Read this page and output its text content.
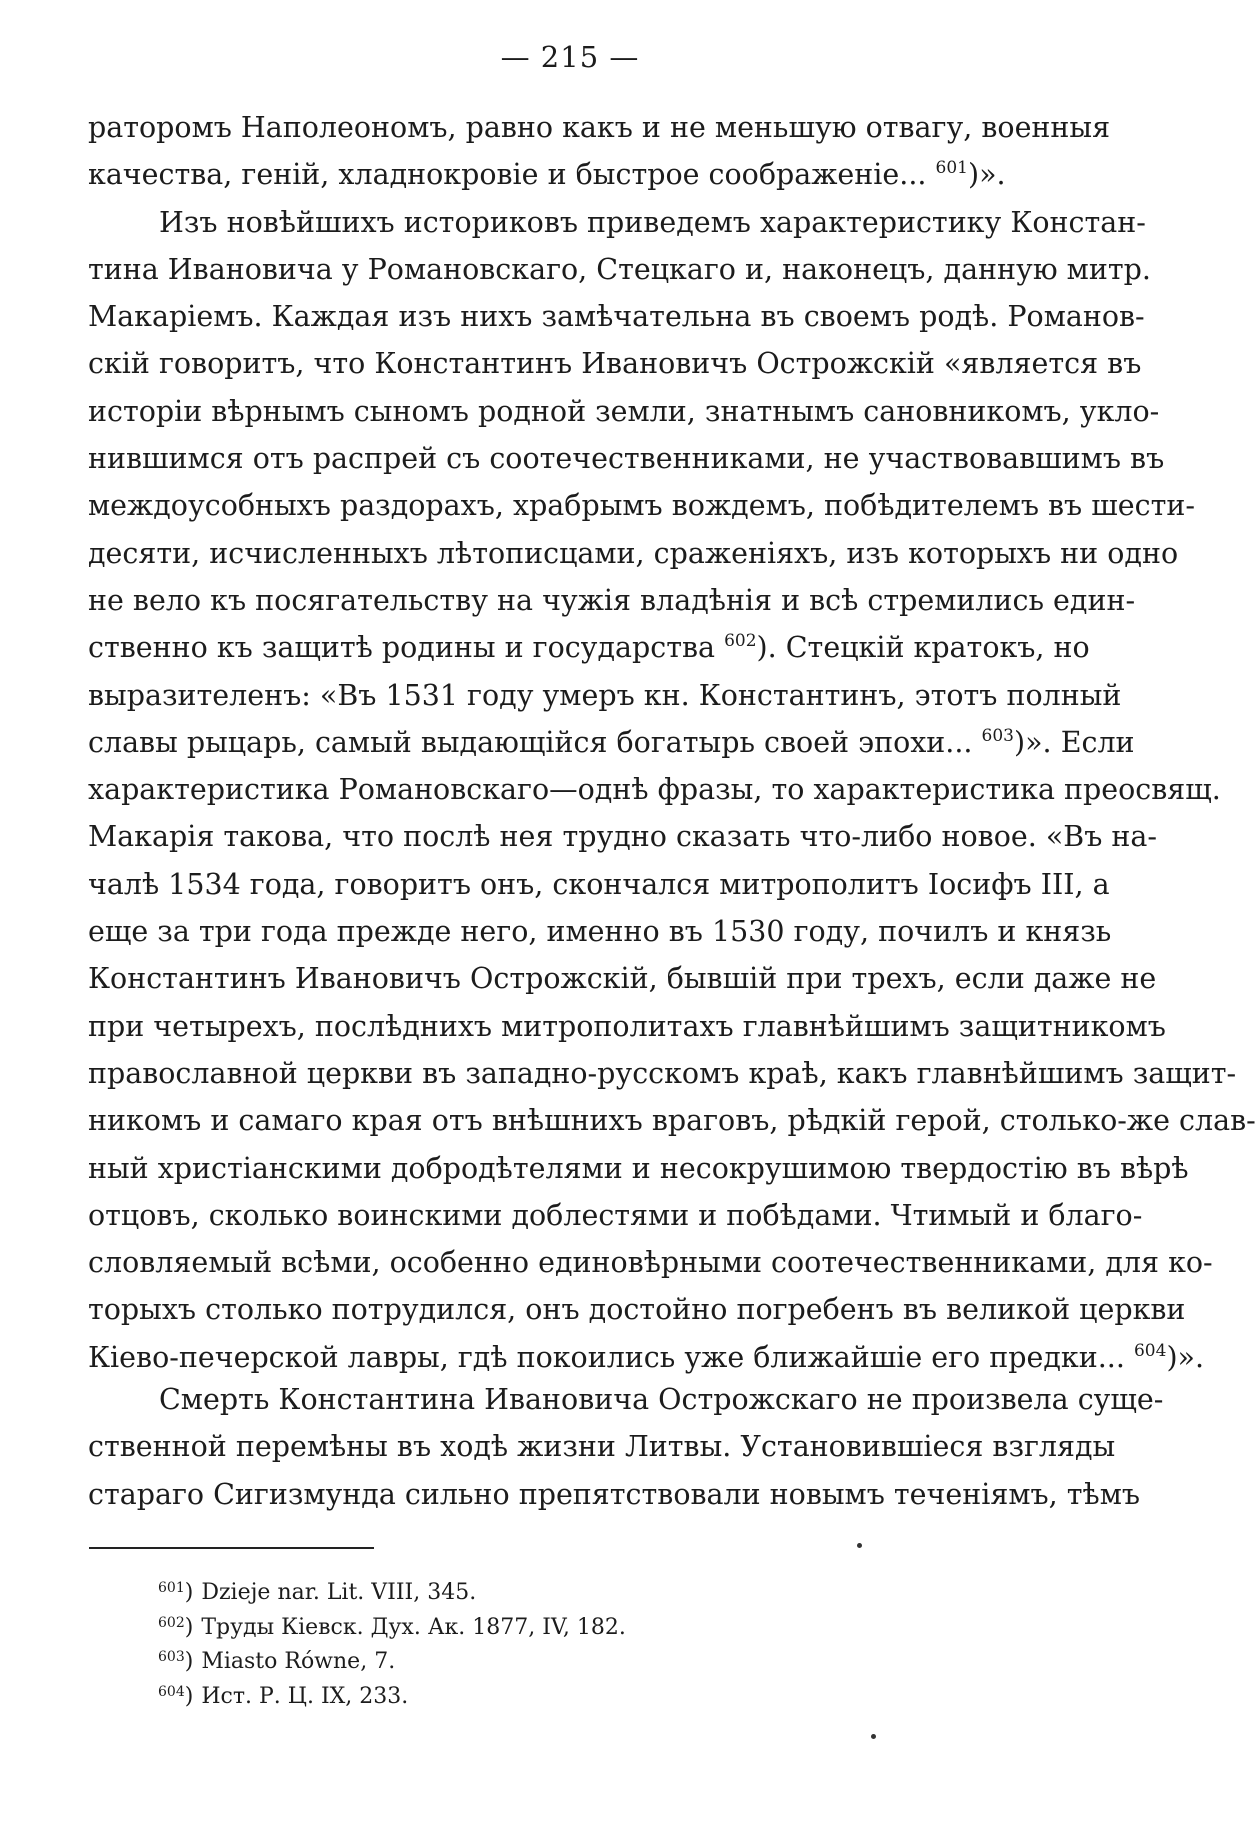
— 215 —

раторомъ Наполеономъ, равно какъ и не меньшую отвагу, военныя
качества, геній, хладнокровіе и быстрое соображеніе... $^{601}$)».
Изъ новѣйшихъ историковъ приведемъ характеристику Констан-
тина Ивановича у Романовскаго, Стецкаго и, наконецъ, данную митр.
Макаріемъ. Каждая изъ нихъ замѣчательна въ своемъ родѣ. Романов-
скій говоритъ, что Константинъ Ивановичъ Острожскій «является въ
исторіи вѣрнымъ сыномъ родной земли, знатнымъ сановникомъ, укло-
нившимся отъ распрей съ соотечественниками, не участвовавшимъ въ
междоусобныхъ раздорахъ, храбрымъ вождемъ, побѣдителемъ въ шести-
десяти, исчисленныхъ лѣтописцами, сраженіяхъ, изъ которыхъ ни одно
не вело къ посягательству на чужія владѣнія и всѣ стремились един-
ственно къ защитѣ родины и государства $^{602}$). Стецкій кратокъ, но
выразителенъ: «Въ 1531 году умеръ кн. Константинъ, этотъ полный
славы рыцарь, самый выдающійся богатырь своей эпохи... $^{603}$)». Если
характеристика Романовскаго—однѣ фразы, то характеристика преосвящ.
Макарія такова, что послѣ нея трудно сказать что-либо новое. «Въ на-
чалѣ 1534 года, говоритъ онъ, скончался митрополитъ Іосифъ III, а
еще за три года прежде него, именно въ 1530 году, почилъ и князь
Константинъ Ивановичъ Острожскій, бывшій при трехъ, если даже не
при четырехъ, послѣднихъ митрополитахъ главнѣйшимъ защитникомъ
православной церкви въ западно-русскомъ краѣ, какъ главнѣйшимъ защит-
никомъ и самаго края отъ внѣшнихъ враговъ, рѣдкій герой, столько-же слав-
ный христіанскими добродѣтелями и несокрушимою твердостію въ вѣрѣ
отцовъ, сколько воинскими доблестями и побѣдами. Чтимый и благо-
словляемый всѣми, особенно единовѣрными соотечественниками, для ко-
торыхъ столько потрудился, онъ достойно погребенъ въ великой церкви
Кіево-печерской лавры, гдѣ покоились уже ближайшіе его предки... $^{604}$)».
Смерть Константина Ивановича Острожскаго не произвела суще-
ственной перемѣны въ ходѣ жизни Литвы. Установившіеся взгляды
стараго Сигизмунда сильно препятствовали новымъ теченіямъ, тѣмъ
$^{601}$) Dzieje nar. Lit. VIII, 345.
$^{602}$) Труды Кіевск. Дух. Ак. 1877, IV, 182.
$^{603}$) Miasto Równe, 7.
$^{604}$) Ист. Р. Ц. IX, 233.
